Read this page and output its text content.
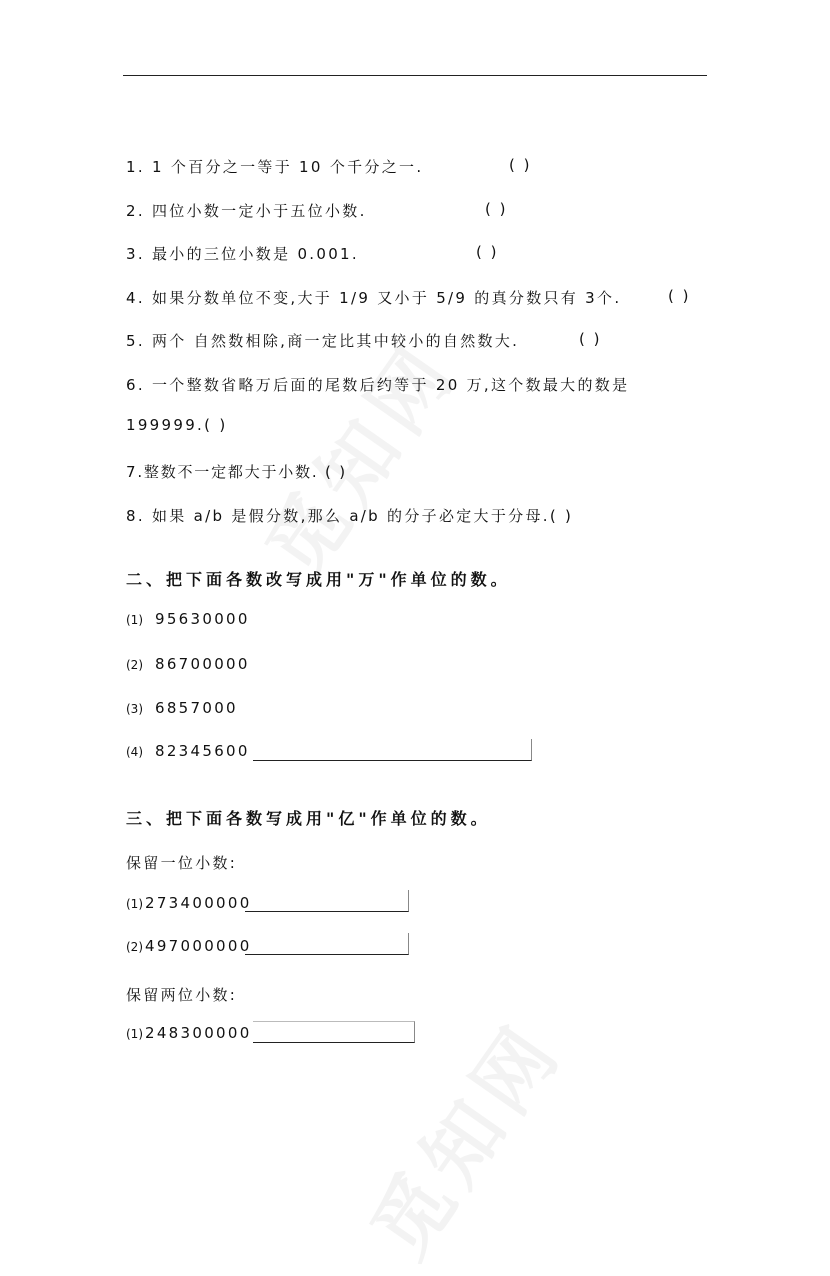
1. 1 个百分之一等于 10 个千分之一.	( )
2. 四位小数一定小于五位小数.	( )
3. 最小的三位小数是 0.001.	( )
4. 如果分数单位不变,大于 1/9 又小于 5/9 的真分数只有 3个.	( )
5. 两个 自然数相除,商一定比其中较小的自然数大.	( )
6. 一个整数省略万后面的尾数后约等于 20 万,这个数最大的数是
199999.( )
7.整数不一定都大于小数. ( )
8. 如果 a/b 是假分数,那么 a/b 的分子必定大于分母.( )
二、把下面各数改写成用"万"作单位的数。
(1) 95630000
(2) 86700000
(3) 6857000
(4) 82345600
三、把下面各数写成用"亿"作单位的数。
保留一位小数:
(1) 273400000
(2) 497000000
保留两位小数:
(1) 248300000
